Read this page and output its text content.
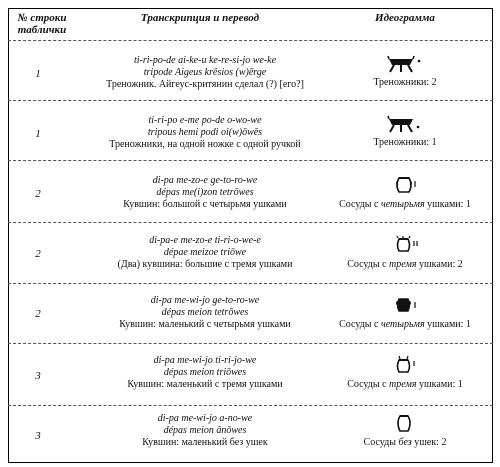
№ строки таблички
Транскрипция и перевод	Идеограмма
1
ti-ri-po-de ai-ke-u ke-re-si-jo we-ke
tripode Aigeus krēsios (w)ērge
Треножник. Айгеус-критянин сделал (?) [его?]	Треножники: 2
1
ti-ri-po e-me po-de o-wo-we
tripous hemi podi oi(w)ōwēs
Треножники, на одной ножке с одной ручкой	Треножники: 1
2
di-pa me-zo-e ge-to-ro-we
dépas me(i)zon tetrōwes
Кувшин: большой с четырьмя ушками	Сосуды с четырьмя ушками: 1
2
di-pa-e me-zo-e ti-ri-o-we-e
dépae meizoe triōwe
(Два) кувшина: большие с тремя ушками	Сосуды с тремя ушками: 2
2
di-pa me-wi-jo ge-to-ro-we
dépas meion tetrōwes
Кувшин: маленький с четырьмя ушками	Сосуды с четырьмя ушками: 1
3
di-pa me-wi-jo ti-ri-jo-we
dépas meion triōwes
Кувшин: маленький с тремя ушками	Сосуды с тремя ушками: 1
3
di-pa me-wi-jo a-no-we
dépas meion ānōwes
Кувшин: маленький без ушек	Сосуды без ушек: 2
